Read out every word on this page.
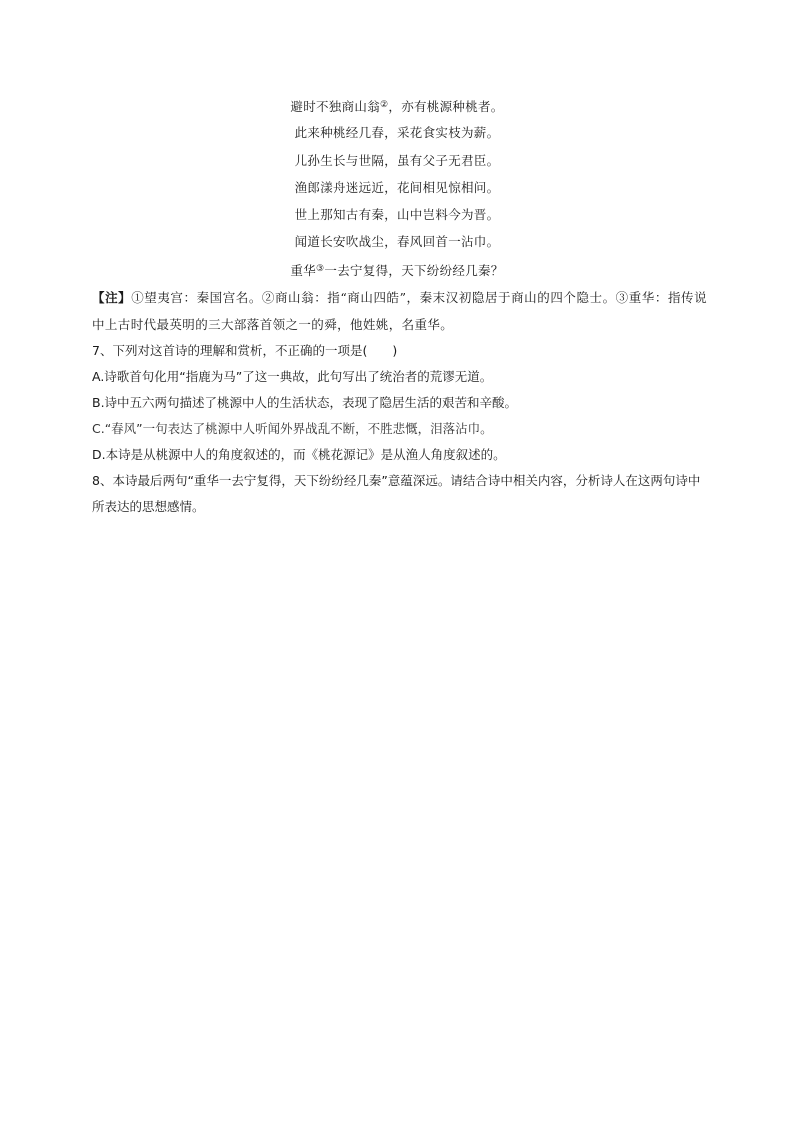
避时不独商山翁②，亦有桃源种桃者。
此来种桃经几春，采花食实枝为薪。
儿孙生长与世隔，虽有父子无君臣。
渔郎漾舟迷远近，花间相见惊相问。
世上那知古有秦，山中岂料今为晋。
闻道长安吹战尘，春风回首一沾巾。
重华③一去宁复得，天下纷纷经几秦？
【注】①望夷宫：秦国宫名。②商山翁：指“商山四皓”，秦末汉初隐居于商山的四个隐士。③重华：指传说中上古时代最英明的三大部落首领之一的舜，他姓姚，名重华。
7、下列对这首诗的理解和赏析，不正确的一项是(　　)
A.诗歌首句化用“指鹿为马”了这一典故，此句写出了统治者的荒谬无道。
B.诗中五六两句描述了桃源中人的生活状态，表现了隐居生活的艰苦和辛酸。
C.“春风”一句表达了桃源中人听闻外界战乱不断，不胜悲慨，泪落沾巾。
D.本诗是从桃源中人的角度叙述的，而《桃花源记》是从渔人角度叙述的。
8、本诗最后两句“重华一去宁复得，天下纷纷经几秦”意蕴深远。请结合诗中相关内容，分析诗人在这两句诗中所表达的思想感情。
